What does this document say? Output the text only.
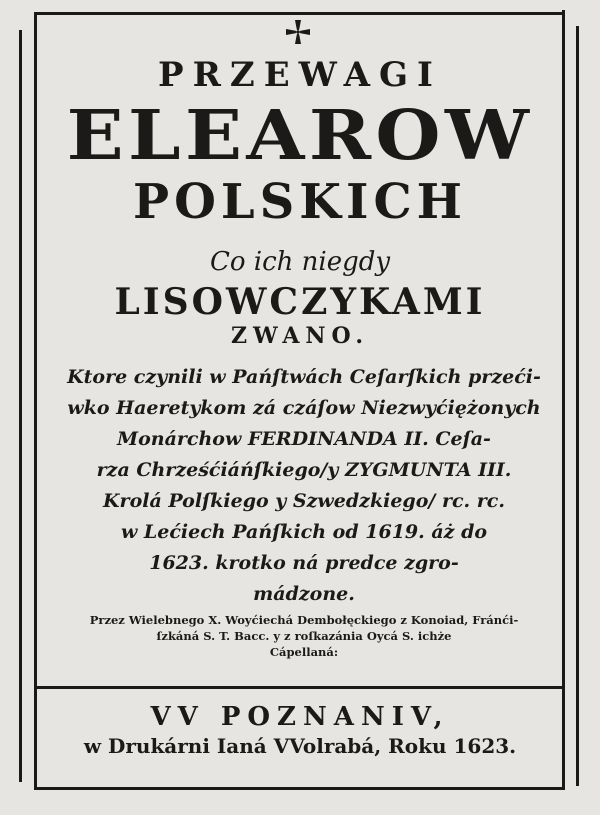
PRZEWAGI
ELEAROW
POLSKICH
Co ich niegdy
LISOWCZYKAMI
ZWANO.
Ktore czynili w Pańſtwách Ceſarſkich przeći-
wko Haeretykom zá czáſow Niezwyćiężonych
Monárchow FERDINANDA II. Ceſa-
rza Chrześćiáńſkiego/y ZYGMUNTA III.
Krolá Polſkiego y Szwedzkiego/ rc. rc.
w Lećiech Pańſkich od 1619. áż do
1623. krotko ná predce zgro-
mádzone.
Przez Wielebnego X. Woyćiechá Dembołęckiego z Konoiad, Fránći-
ſzkáná S. T. Bacc. y z roſkazánia Oycá S. ichże
Cápellaná:
VV POZNANIV,
w Drukárni Ianá VVolrabá, Roku 1623.
